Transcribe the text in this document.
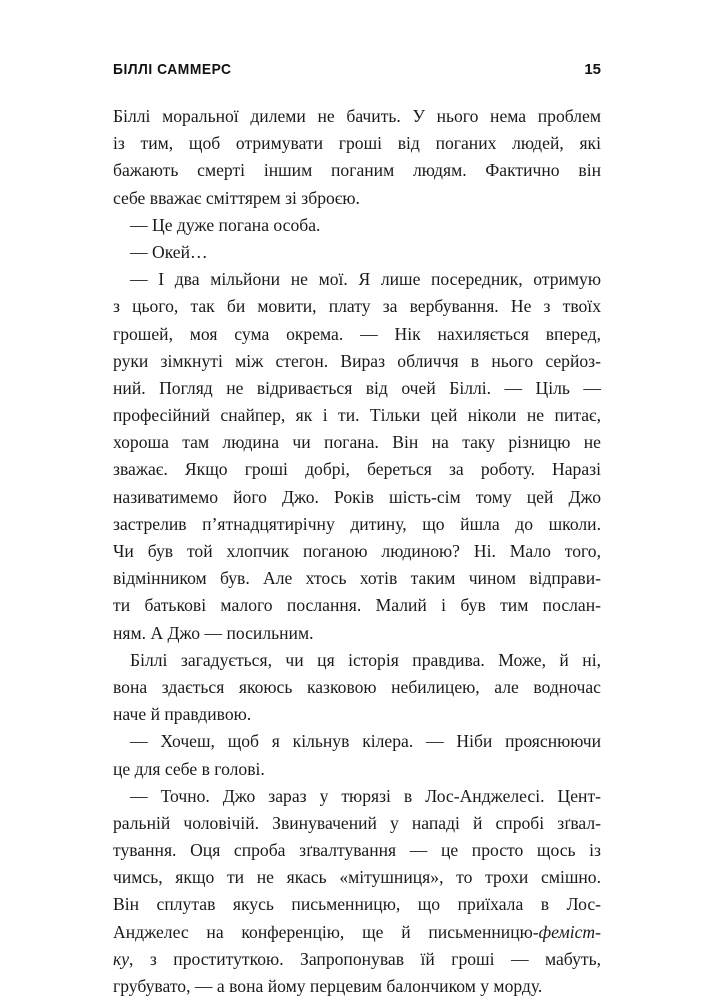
БІЛЛІ САММЕРС	15
Біллі моральної дилеми не бачить. У нього нема проблем
із тим, щоб отримувати гроші від поганих людей, які
бажають смерті іншим поганим людям. Фактично він
себе вважає сміттярем зі зброєю.
— Це дуже погана особа.
— Окей…
— І два мільйони не мої. Я лише посередник, отримую
з цього, так би мовити, плату за вербування. Не з твоїх
грошей, моя сума окрема. — Нік нахиляється вперед,
руки зімкнуті між стегон. Вираз обличчя в нього серйоз-
ний. Погляд не відривається від очей Біллі. — Ціль —
професійний снайпер, як і ти. Тільки цей ніколи не питає,
хороша там людина чи погана. Він на таку різницю не
зважає. Якщо гроші добрі, береться за роботу. Наразі
називатимемо його Джо. Років шість-сім тому цей Джо
застрелив п’ятнадцятирічну дитину, що йшла до школи.
Чи був той хлопчик поганою людиною? Ні. Мало того,
відмінником був. Але хтось хотів таким чином відправи-
ти батькові малого послання. Малий і був тим послан-
ням. А Джо — посильним.
Біллі загадується, чи ця історія правдива. Може, й ні,
вона здається якоюсь казковою небилицею, але водночас
наче й правдивою.
— Хочеш, щоб я кільнув кілера. — Ніби прояснюючи
це для себе в голові.
— Точно. Джо зараз у тюрязі в Лос-Анджелесі. Цент-
ральній чоловічій. Звинувачений у нападі й спробі зґвал-
тування. Оця спроба зґвалтування — це просто щось із
чимсь, якщо ти не якась «мітушниця», то трохи смішно.
Він сплутав якусь письменницю, що приїхала в Лос-
Анджелес на конференцію, ще й письменницю-феміст-
ку, з проституткою. Запропонував їй гроші — мабуть,
грубувато, — а вона йому перцевим балончиком у морду.
